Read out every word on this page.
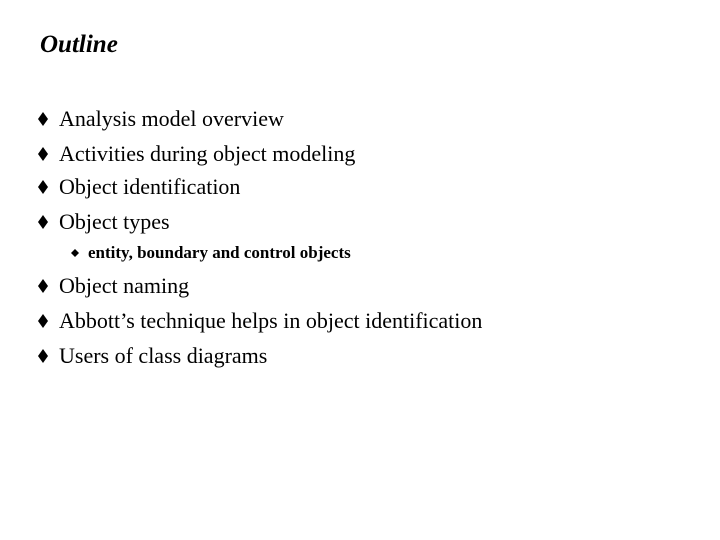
Outline
Analysis model overview
Activities during object modeling
Object identification
Object types
entity, boundary and control objects
Object naming
Abbott’s technique helps in object identification
Users of class diagrams
